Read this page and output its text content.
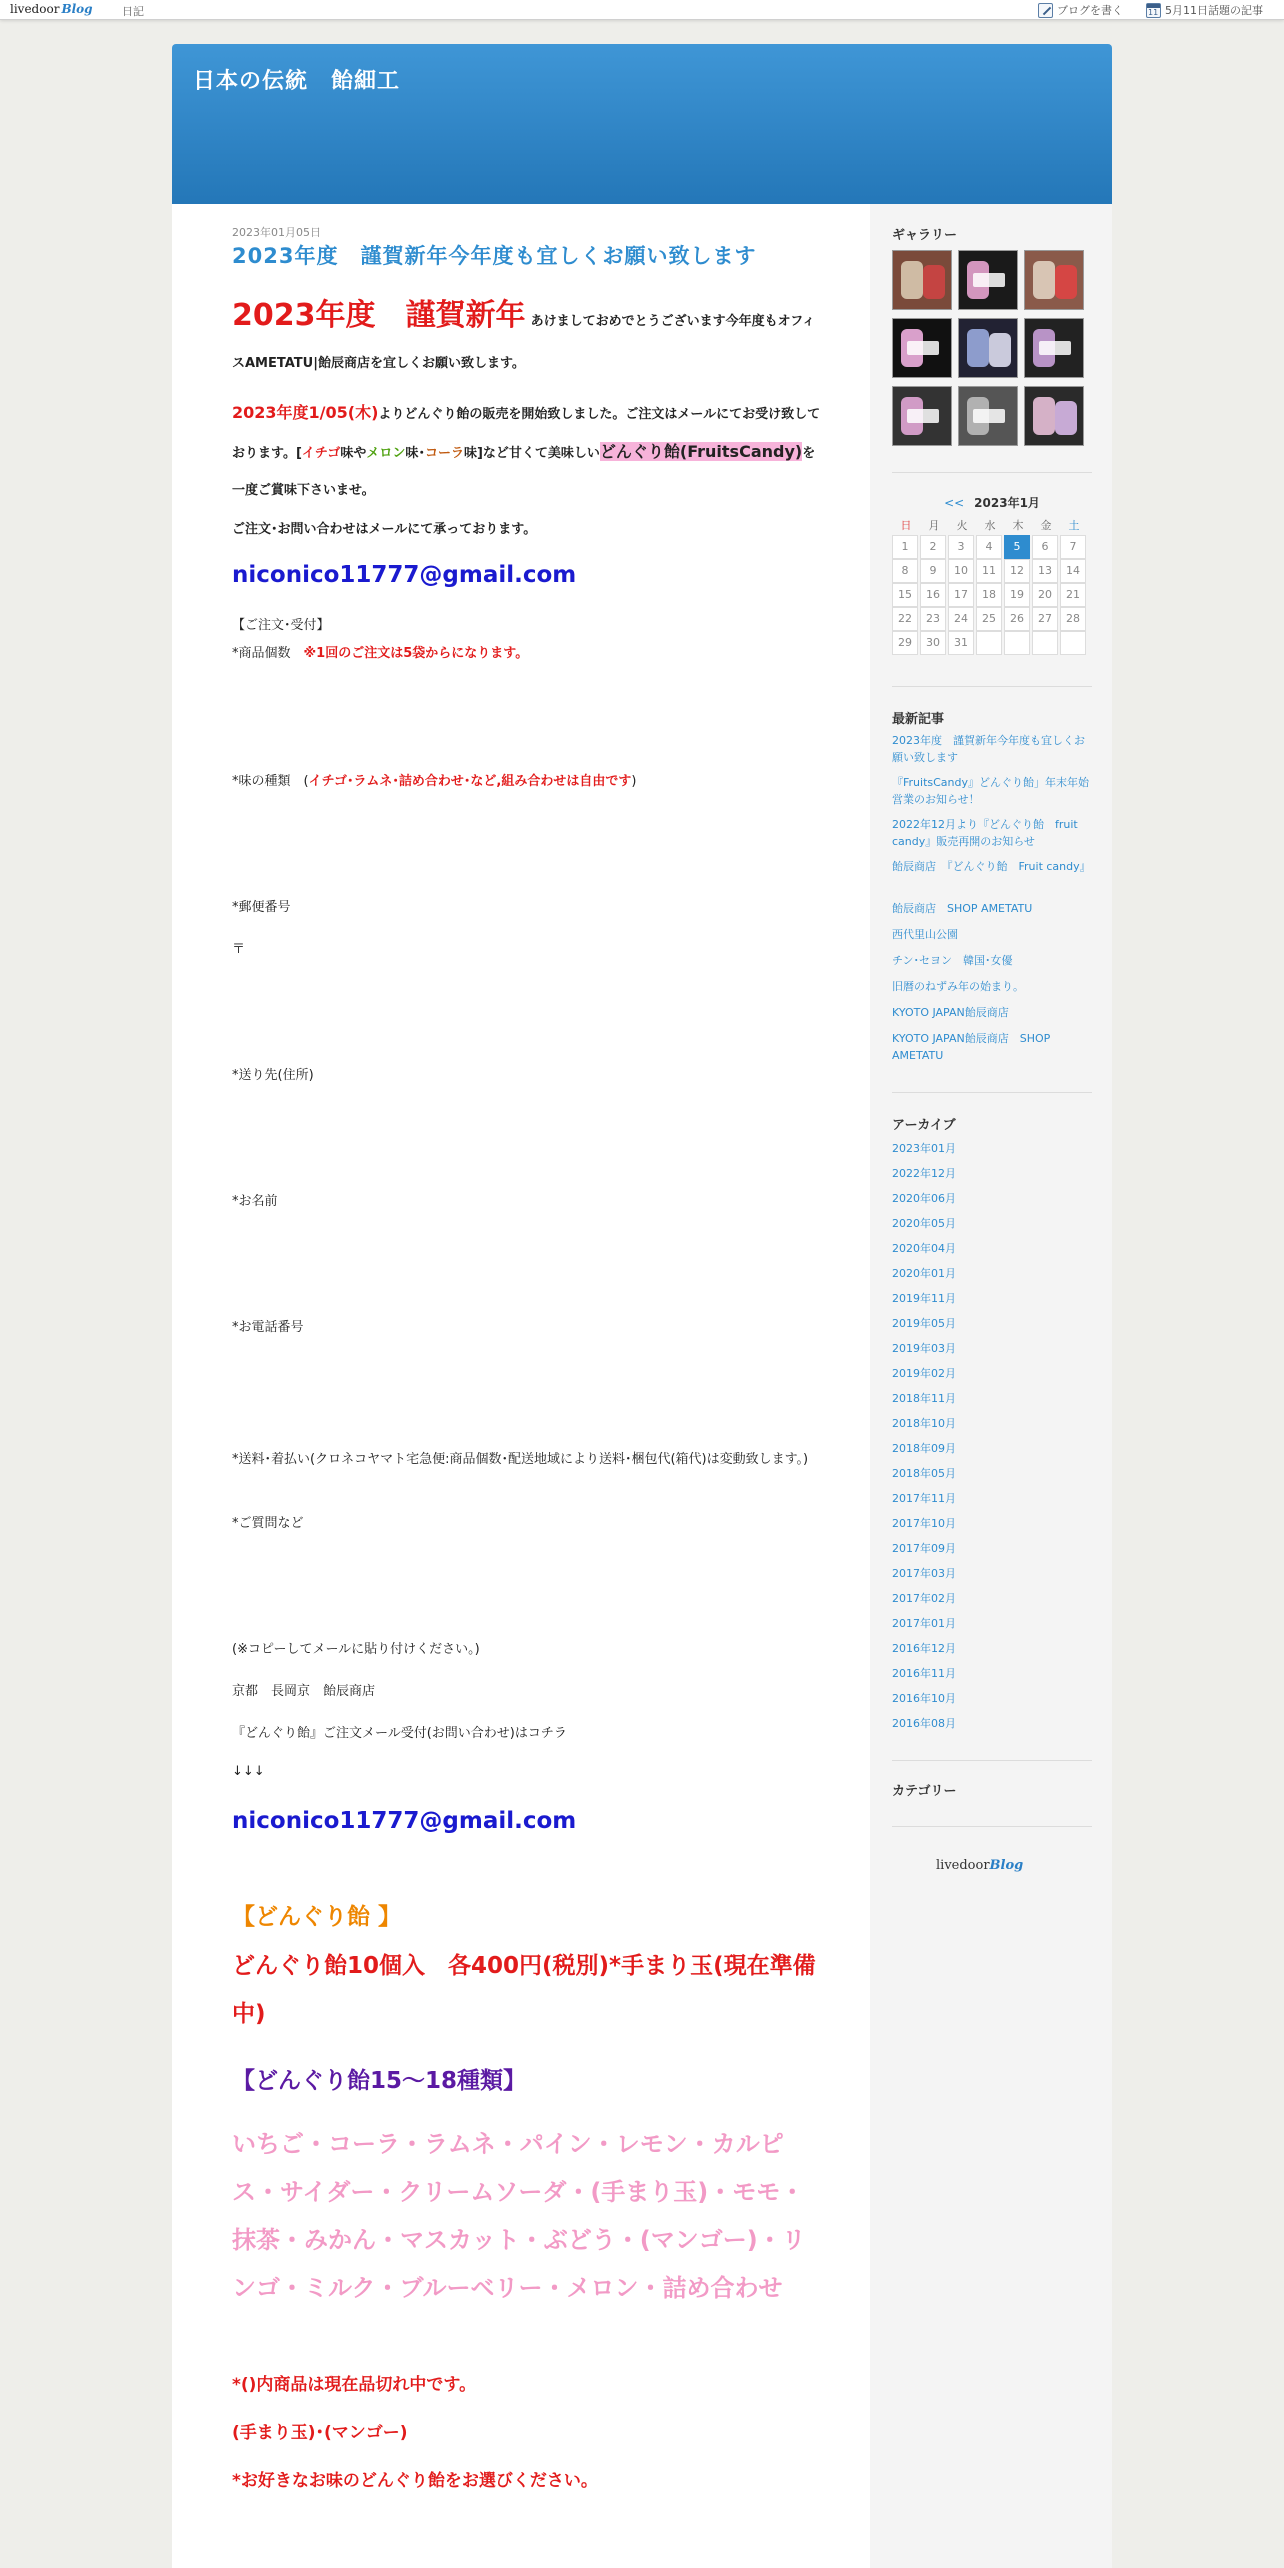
livedoor Blog	日記	ブログを書く	11 5月11日話題の記事
日本の伝統　飴細工
2023年01月05日
2023年度　謹賀新年今年度も宜しくお願い致します
2023年度　謹賀新年 あけましておめでとうございます今年度もオフィスAMETATU|飴辰商店を宜しくお願い致します。
2023年度1/05(木)よりどんぐり飴の販売を開始致しました。ご注文はメールにてお受け致しております。[イチゴ味やメロン味･コーラ味]など甘くて美味しいどんぐり飴(FruitsCandy)を一度ご賞味下さいませ。
ご注文･お問い合わせはメールにて承っております。
niconico11777@gmail.com
【ご注文･受付】
*商品個数　※1回のご注文は5袋からになります。
*味の種類　(イチゴ･ラムネ･詰め合わせ･など,組み合わせは自由です)
*郵便番号
〒
*送り先(住所)
*お名前
*お電話番号
*送料･着払い(クロネコヤマト宅急便:商品個数･配送地域により送料･梱包代(箱代)は変動致します。)
*ご質問など
(※コピーしてメールに貼り付けください。)
京都　長岡京　飴辰商店
『どんぐり飴』ご注文メール受付(お問い合わせ)はコチラ
↓↓↓
niconico11777@gmail.com
【どんぐり飴 】
どんぐり飴10個入　各400円(税別)*手まり玉(現在準備中)
【どんぐり飴15〜18種類】
いちご・コーラ・ラムネ・パイン・レモン・カルピス・サイダー・クリームソーダ・(手まり玉)・モモ・抹茶・みかん・マスカット・ぶどう・(マンゴー)・リンゴ・ミルク・ブルーベリー・メロン・詰め合わせ
*()内商品は現在品切れ中です。
(手まり玉)･(マンゴー)
*お好きなお味のどんぐり飴をお選びください。
ギャラリー
<< 2023年1月
日	月	火	水	木	金	土
1	2	3	4	5	6	7
8	9	10	11	12	13	14
15	16	17	18	19	20	21
22	23	24	25	26	27	28
29	30	31
最新記事
2023年度　謹賀新年今年度も宜しくお願い致します
『FruitsCandy』どんぐり飴」年末年始営業のお知らせ！
2022年12月より『どんぐり飴　fruit candy』販売再開のお知らせ
飴辰商店　『どんぐり飴　Fruit candy』
飴辰商店　SHOP AMETATU
西代里山公園
チン･セヨン　韓国･女優
旧暦のねずみ年の始まり。
KYOTO JAPAN飴辰商店
KYOTO JAPAN飴辰商店　SHOP AMETATU
アーカイブ
2023年01月
2022年12月
2020年06月
2020年05月
2020年04月
2020年01月
2019年11月
2019年05月
2019年03月
2019年02月
2018年11月
2018年10月
2018年09月
2018年05月
2017年11月
2017年10月
2017年09月
2017年03月
2017年02月
2017年01月
2016年12月
2016年11月
2016年10月
2016年08月
カテゴリー
livedoorBlog
